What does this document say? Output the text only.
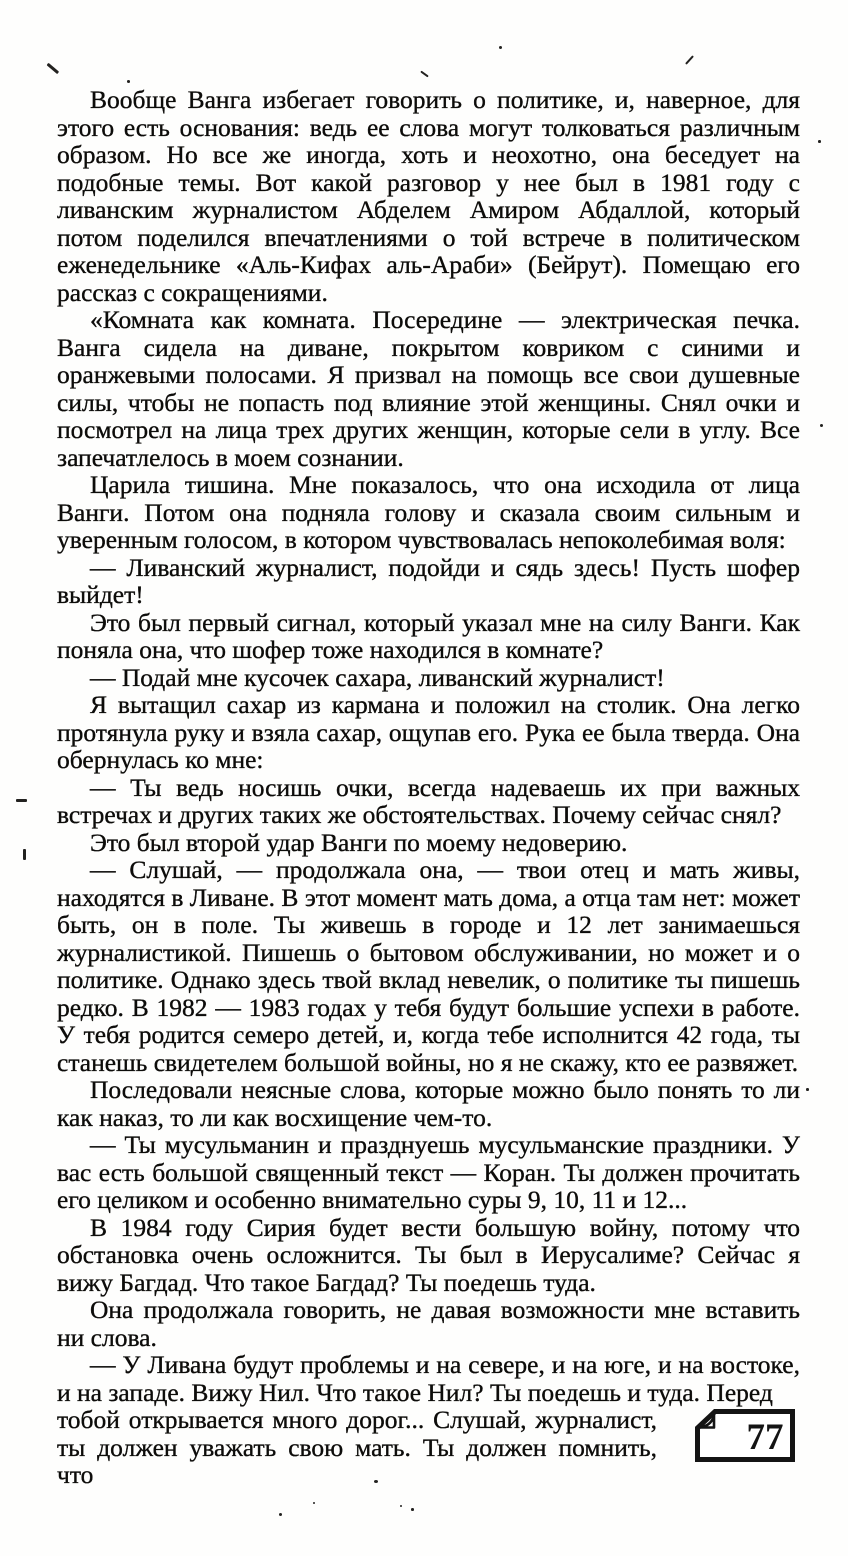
Вообще Ванга избегает говорить о политике, и, наверное, для этого есть основания: ведь ее слова могут толковаться различным образом. Но все же иногда, хоть и неохотно, она беседует на подобные темы. Вот какой разговор у нее был в 1981 году с ливанским журналистом Абделем Амиром Абдаллой, который потом поделился впечатлениями о той встрече в политическом еженедельнике «Аль-Кифах аль-Араби» (Бейрут). Помещаю его рассказ с сокращениями.

«Комната как комната. Посередине — электрическая печка. Ванга сидела на диване, покрытом ковриком с синими и оранжевыми полосами. Я призвал на помощь все свои душевные силы, чтобы не попасть под влияние этой женщины. Снял очки и посмотрел на лица трех других женщин, которые сели в углу. Все запечатлелось в моем сознании.

Царила тишина. Мне показалось, что она исходила от лица Ванги. Потом она подняла голову и сказала своим сильным и уверенным голосом, в котором чувствовалась непоколебимая воля:

— Ливанский журналист, подойди и сядь здесь! Пусть шофер выйдет!

Это был первый сигнал, который указал мне на силу Ванги. Как поняла она, что шофер тоже находился в комнате?

— Подай мне кусочек сахара, ливанский журналист!

Я вытащил сахар из кармана и положил на столик. Она легко протянула руку и взяла сахар, ощупав его. Рука ее была тверда. Она обернулась ко мне:

— Ты ведь носишь очки, всегда надеваешь их при важных встречах и других таких же обстоятельствах. Почему сейчас снял?

Это был второй удар Ванги по моему недоверию.

— Слушай, — продолжала она, — твои отец и мать живы, находятся в Ливане. В этот момент мать дома, а отца там нет: может быть, он в поле. Ты живешь в городе и 12 лет занимаешься журналистикой. Пишешь о бытовом обслуживании, но может и о политике. Однако здесь твой вклад невелик, о политике ты пишешь редко. В 1982 — 1983 годах у тебя будут большие успехи в работе. У тебя родится семеро детей, и, когда тебе исполнится 42 года, ты станешь свидетелем большой войны, но я не скажу, кто ее развяжет.

Последовали неясные слова, которые можно было понять то ли как наказ, то ли как восхищение чем-то.

— Ты мусульманин и празднуешь мусульманские праздники. У вас есть большой священный текст — Коран. Ты должен прочитать его целиком и особенно внимательно суры 9, 10, 11 и 12...

В 1984 году Сирия будет вести большую войну, потому что обстановка очень осложнится. Ты был в Иерусалиме? Сейчас я вижу Багдад. Что такое Багдад? Ты поедешь туда.

Она продолжала говорить, не давая возможности мне вставить ни слова.

— У Ливана будут проблемы и на севере, и на юге, и на востоке, и на западе. Вижу Нил. Что такое Нил? Ты поедешь и туда. Перед

тобой открывается много дорог... Слушай, журналист, ты должен уважать свою мать. Ты должен помнить, что

77
